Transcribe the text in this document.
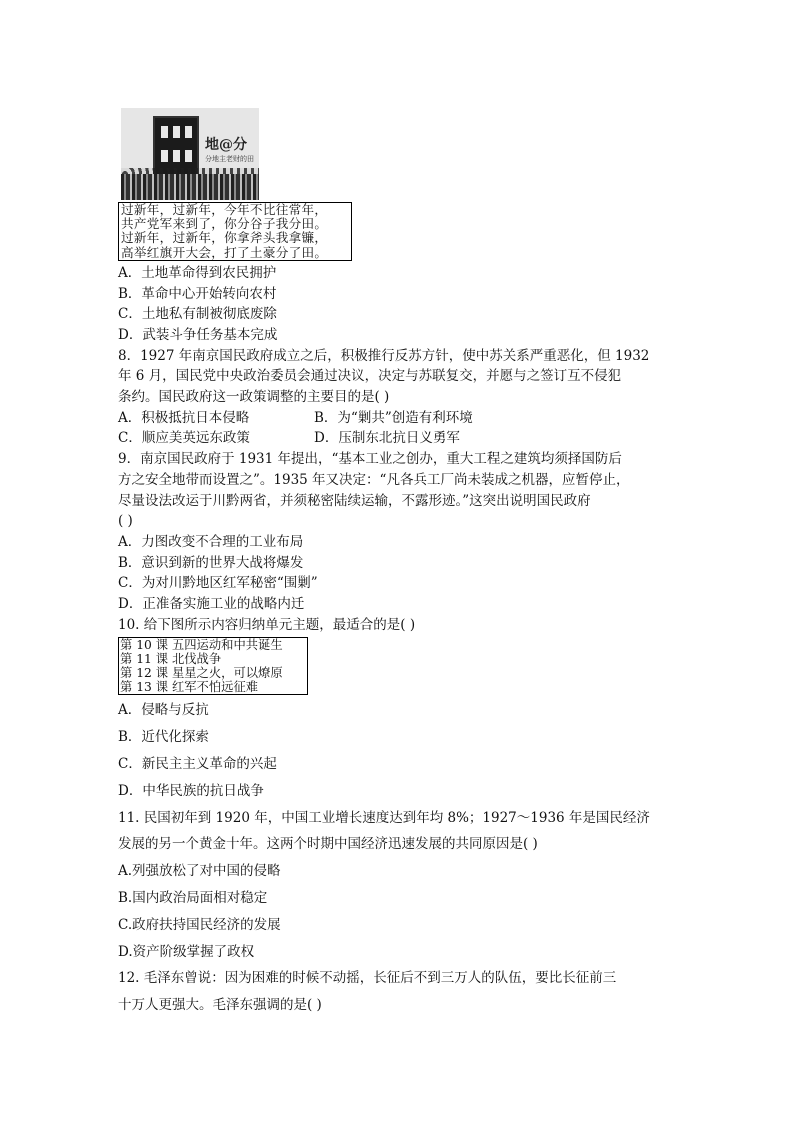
地@分
分地主老财的田
过新年，过新年，今年不比往常年，
共产党军来到了，你分谷子我分田。
过新年，过新年，你拿斧头我拿镰，
高举红旗开大会，打了土豪分了田。

A．土地革命得到农民拥护

B．革命中心开始转向农村

C．土地私有制被彻底废除

D．武装斗争任务基本完成

8．1927 年南京国民政府成立之后，积极推行反苏方针，使中苏关系严重恶化，但 1932

年 6 月，国民党中央政治委员会通过决议，决定与苏联复交，并愿与之签订互不侵犯

条约。国民政府这一政策调整的主要目的是( )

A．积极抵抗日本侵略	B．为“剿共”创造有利环境

C．顺应美英远东政策	D．压制东北抗日义勇军

9．南京国民政府于 1931 年提出，“基本工业之创办，重大工程之建筑均须择国防后

方之安全地带而设置之”。1935 年又决定：“凡各兵工厂尚未装成之机器，应暂停止，

尽量设法改运于川黔两省，并须秘密陆续运输，不露形迹。”这突出说明国民政府

( )

A．力图改变不合理的工业布局

B．意识到新的世界大战将爆发

C．为对川黔地区红军秘密“围剿”

D．正准备实施工业的战略内迁

10. 给下图所示内容归纳单元主题，最适合的是( )

第 10 课 五四运动和中共诞生
第 11 课 北伐战争
第 12 课 星星之火，可以燎原
第 13 课 红军不怕远征难

A．侵略与反抗

B．近代化探索

C．新民主主义革命的兴起

D．中华民族的抗日战争

11. 民国初年到 1920 年，中国工业增长速度达到年均 8%；1927～1936 年是国民经济

发展的另一个黄金十年。这两个时期中国经济迅速发展的共同原因是( )

A.列强放松了对中国的侵略

B.国内政治局面相对稳定

C.政府扶持国民经济的发展

D.资产阶级掌握了政权

12. 毛泽东曾说：因为困难的时候不动摇，长征后不到三万人的队伍，要比长征前三

十万人更强大。毛泽东强调的是( )
